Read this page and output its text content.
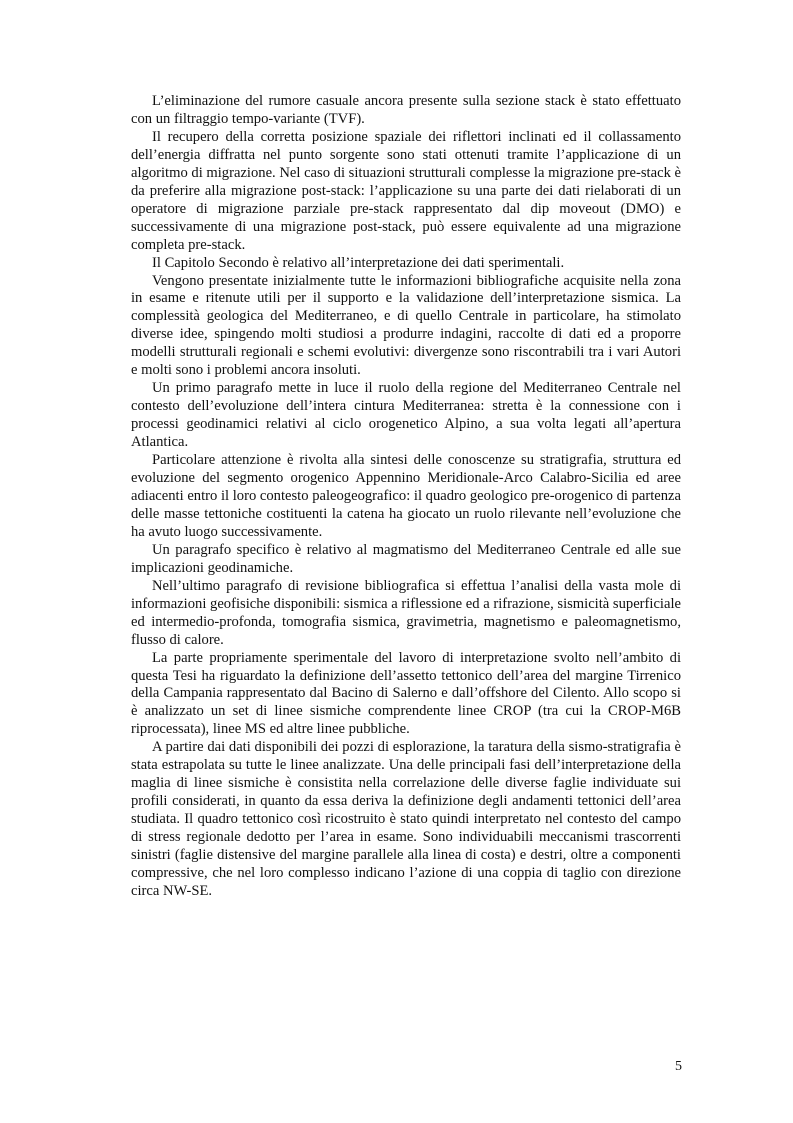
L’eliminazione del rumore casuale ancora presente sulla sezione stack è stato effettuato con un filtraggio tempo-variante (TVF).

Il recupero della corretta posizione spaziale dei riflettori inclinati ed il collassamento dell’energia diffratta nel punto sorgente sono stati ottenuti tramite l’applicazione di un algoritmo di migrazione. Nel caso di situazioni strutturali complesse la migrazione pre-stack è da preferire alla migrazione post-stack: l’applicazione su una parte dei dati rielaborati di un operatore di migrazione parziale pre-stack rappresentato dal dip moveout (DMO) e successivamente di una migrazione post-stack, può essere equivalente ad una migrazione completa pre-stack.

Il Capitolo Secondo è relativo all’interpretazione dei dati sperimentali.

Vengono presentate inizialmente tutte le informazioni bibliografiche acquisite nella zona in esame e ritenute utili per il supporto e la validazione dell’interpretazione sismica. La complessità geologica del Mediterraneo, e di quello Centrale in particolare, ha stimolato diverse idee, spingendo molti studiosi a produrre indagini, raccolte di dati ed a proporre modelli strutturali regionali e schemi evolutivi: divergenze sono riscontrabili tra i vari Autori e molti sono i problemi ancora insoluti.

Un primo paragrafo mette in luce il ruolo della regione del Mediterraneo Centrale nel contesto dell’evoluzione dell’intera cintura Mediterranea: stretta è la connessione con i processi geodinamici relativi al ciclo orogenetico Alpino, a sua volta legati all’apertura Atlantica.

Particolare attenzione è rivolta alla sintesi delle conoscenze su stratigrafia, struttura ed evoluzione del segmento orogenico Appennino Meridionale-Arco Calabro-Sicilia ed aree adiacenti entro il loro contesto paleogeografico: il quadro geologico pre-orogenico di partenza delle masse tettoniche costituenti la catena ha giocato un ruolo rilevante nell’evoluzione che ha avuto luogo successivamente.

Un paragrafo specifico è relativo al magmatismo del Mediterraneo Centrale ed alle sue implicazioni geodinamiche.

Nell’ultimo paragrafo di revisione bibliografica si effettua l’analisi della vasta mole di informazioni geofisiche disponibili: sismica a riflessione ed a rifrazione, sismicità superficiale ed intermedio-profonda, tomografia sismica, gravimetria, magnetismo e paleomagnetismo, flusso di calore.

La parte propriamente sperimentale del lavoro di interpretazione svolto nell’ambito di questa Tesi ha riguardato la definizione dell’assetto tettonico dell’area del margine Tirrenico della Campania rappresentato dal Bacino di Salerno e dall’offshore del Cilento. Allo scopo si è analizzato un set di linee sismiche comprendente linee CROP (tra cui la CROP-M6B riprocessata), linee MS ed altre linee pubbliche.

A partire dai dati disponibili dei pozzi di esplorazione, la taratura della sismo-stratigrafia è stata estrapolata su tutte le linee analizzate. Una delle principali fasi dell’interpretazione della maglia di linee sismiche è consistita nella correlazione delle diverse faglie individuate sui profili considerati, in quanto da essa deriva la definizione degli andamenti tettonici dell’area studiata. Il quadro tettonico così ricostruito è stato quindi interpretato nel contesto del campo di stress regionale dedotto per l’area in esame. Sono individuabili meccanismi trascorrenti sinistri (faglie distensive del margine parallele alla linea di costa) e destri, oltre a componenti compressive, che nel loro complesso indicano l’azione di una coppia di taglio con direzione circa NW-SE.

5
